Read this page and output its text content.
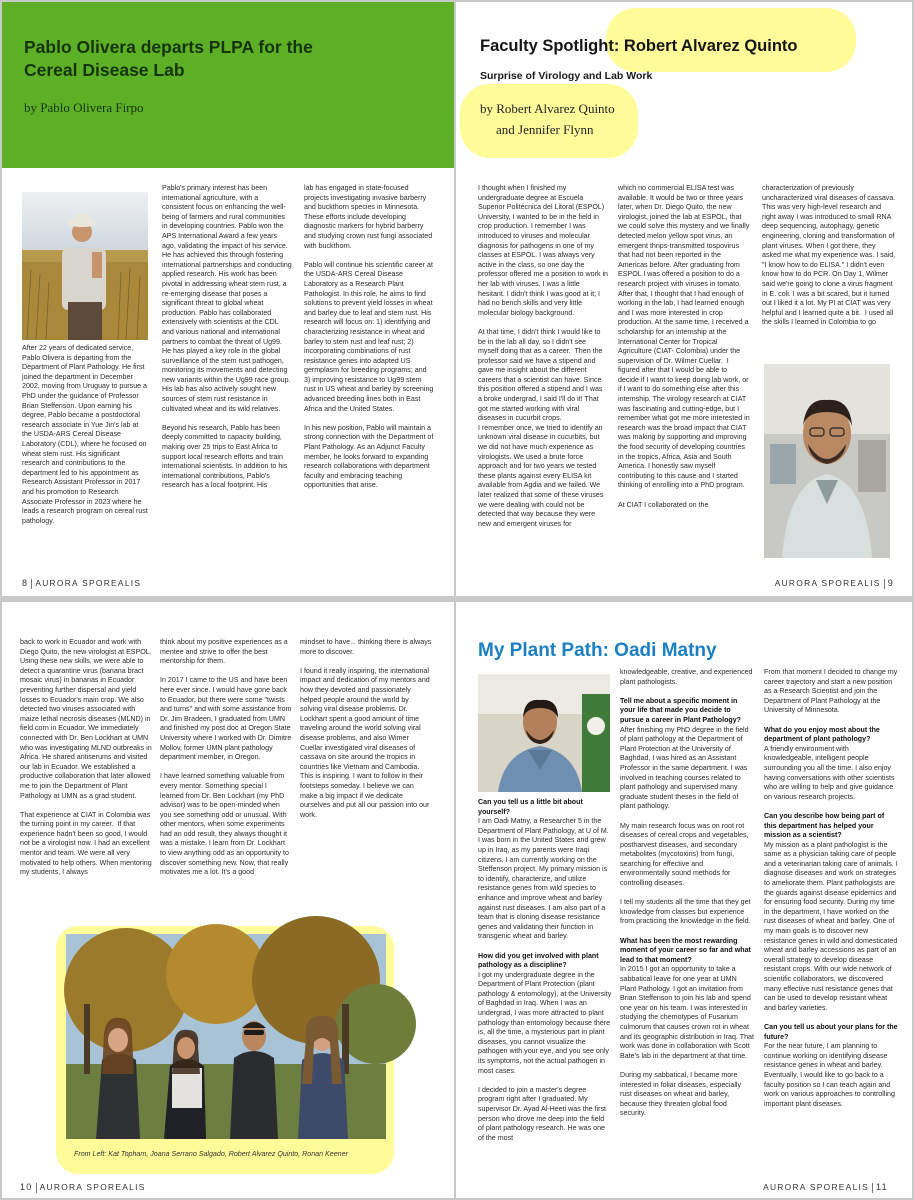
Pablo Olivera departs PLPA for the Cereal Disease Lab
by Pablo Olivera Firpo
After 22 years of dedicated service, Pablo Olivera is departing from the Department of Plant Pathology. He first joined the department in December 2002, moving from Uruguay to pursue a PhD under the guidance of Professor Brian Steffenson. Upon earning his degree, Pablo became a postdoctoral research associate in Yue Jin's lab at the USDA-ARS Cereal Disease Laboratory (CDL), where he focused on wheat stem rust. His significant research and contributions to the department led to his appointment as Research Assistant Professor in 2017 and his promotion to Research Associate Professor in 2023 where he leads a research program on cereal rust pathology.
Pablo's primary interest has been international agriculture, with a consistent focus on enhancing the well-being of farmers and rural communities in developing countries. Pablo won the APS International Award a few years ago, validating the impact of his service. He has achieved this through fostering international partnerships and conducting applied research. His work has been pivotal in addressing wheat stem rust, a re-emerging disease that poses a significant threat to global wheat production. Pablo has collaborated extensively with scientists at the CDL and various national and international partners to combat the threat of Ug99. He has played a key role in the global surveillance of the stem rust pathogen, monitoring its movements and detecting new variants within the Ug99 race group. His lab has also actively sought new sources of stem rust resistance in cultivated wheat and its wild relatives.

Beyond his research, Pablo has been deeply committed to capacity building, making over 25 trips to East Africa to support local research efforts and train international scientists. In addition to his international contributions, Pablo's research has a local footprint. His
lab has engaged in state-focused projects investigating invasive barberry and buckthorn species in Minnesota. These efforts include developing diagnostic markers for hybrid barberry and studying crown rust fungi associated with buckthorn.

Pablo will continue his scientific career at the USDA-ARS Cereal Disease Laboratory as a Research Plant Pathologist. In this role, he aims to find solutions to prevent yield losses in wheat and barley due to leaf and stem rust. His research will focus on: 1) identifying and characterizing resistance in wheat and barley to stem rust and leaf rust; 2) incorporating combinations of rust resistance genes into adapted US germplasm for breeding programs; and 3) improving resistance to Ug99 stem rust in US wheat and barley by screening advanced breeding lines both in East Africa and the United States.

In his new position, Pablo will maintain a strong connection with the Department of Plant Pathology. As an Adjunct Faculty member, he looks forward to expanding research collaborations with department faculty and embracing teaching opportunities that arise.
8 AURORA SPOREALIS
Faculty Spotlight: Robert Alvarez Quinto
Surprise of Virology and Lab Work
by Robert Alvarez Quinto
and Jennifer Flynn
I thought when I finished my undergraduate degree at Escuela Superior Politécnica del Litoral (ESPOL) University, I wanted to be in the field in crop production. I remember I was introduced to viruses and molecular diagnosis for pathogens in one of my classes at ESPOL. I was always very active in the class, so one day the professor offered me a position to work in her lab with viruses. I was a little hesitant. I didn't think I was good at it; I had no bench skills and very little molecular biology background.

At that time, I didn't think I would like to be in the lab all day, so I didn't see myself doing that as a career.  Then the professor said we have a stipend and gave me insight about the different careers that a scientist can have. Since this position offered a stipend and I was a broke undergrad, I said I'll do it! That got me started working with viral diseases in cucurbit crops.
I remember once, we tried to identify an unknown viral disease in cucurbits, but we did not have much experience as virologists. We used a brute force approach and for two years we tested these plants against every ELISA kit available from Agdia and we failed. We later realized that some of these viruses we were dealing with could not be detected that way because they were new and emergent viruses for
which no commercial ELISA test was available. It would be two or three years later, when Dr. Diego Quito, the new virologist, joined the lab at ESPOL, that we could solve this mystery and we finally detected melon yellow spot virus, an emergent thrips-transmitted tospovirus that had not been reported in the Americas before. After graduating from ESPOL I was offered a position to do a research project with viruses in tomato. After that, I thought that I had enough of working in the lab, I had learned enough and I was more interested in crop production. At the same time, I received a scholarship for an internship at the International Center for Tropical Agriculture (CIAT- Colombia) under the supervision of Dr. Wilmer Cuellar.  I figured after that I would be able to decide if I want to keep doing lab work, or if I want to do something else after this internship. The virology research at CIAT was fascinating and cutting-edge, but I remember what got me more interested in research was the broad impact that CIAT was making by supporting and improving the food security of developing countries in the tropics, Africa, Asia and South America. I honestly saw myself contributing to this cause and I started thinking of enrolling into a PhD program.

At CIAT I collaborated on the
characterization of previously uncharacterized viral diseases of cassava. This was very high-level research and right away I was introduced to small RNA deep sequencing, autophagy, genetic engineering, cloning and transformation of plant viruses. When I got there, they asked me what my experience was. I said, "I know how to do ELISA." I didn't even know how to do PCR. On Day 1, Wilmer said we're going to clone a virus fragment in E. coli. I was a bit scared, but it turned out I liked it a lot. My PI at CIAT was very helpful and I learned quite a bit.  I used all the skills I learned in Colombia to go
AURORA SPOREALIS 9
back to work in Ecuador and work with Diego Quito, the new virologist at ESPOL. Using these new skills, we were able to detect a quarantine virus (banana bract mosaic virus) in bananas in Ecuador preventing further dispersal and yield losses to Ecuador's main crop. We also detected two viruses associated with maize lethal necrosis diseases (MLND) in field corn in Ecuador. We immediately connected with Dr. Ben Lockhart at UMN who was investigating MLND outbreaks in Africa. He shared antiserums and visited our lab in Ecuador. We established a productive collaboration that later allowed me to join the Department of Plant Pathology at UMN as a grad student.

That experience at CIAT in Colombia was the turning point in my career.  If that experience hadn't been so good, I would not be a virologist now. I had an excellent mentor and team. We were all very motivated to help others. When mentoring my students, I always
think about my positive experiences as a mentee and strive to offer the best mentorship for them.

In 2017 I came to the US and have been here ever since. I would have gone back to Ecuador, but there were some "twists and turns" and with some assistance from Dr. Jim Bradeen, I graduated from UMN and finished my post doc at Oregon State University where I worked with Dr. Dimitre Mollov, former UMN plant pathology department member, in Oregon.

I have learned something valuable from every mentor. Something special I learned from Dr. Ben Lockhart (my PhD advisor) was to be open-minded when you see something odd or unusual. With other mentors, when some experiments had an odd result, they always thought it was a mistake. I learn from Dr. Lockhart to view anything odd as an opportunity to discover something new. Now, that really motivates me a lot. It's a good
mindset to have... thinking there is always more to discover.

I found it really inspiring, the international impact and dedication of my mentors and how they devoted and passionately helped people around the world by solving viral disease problems. Dr. Lockhart spent a good amount of time traveling around the world solving viral disease problems, and also Wimer Cuellar investigated viral diseases of cassava on site around the tropics in countries like Vietnam and Cambodia. This is inspiring. I want to follow in their footsteps someday. I believe we can make a big impact if we dedicate ourselves and put all our passion into our work.
From Left: Kat Topham, Joana Serrano Salgado, Robert Alvarez Quinto, Ronan Keener
10 AURORA SPOREALIS
My Plant Path: Oadi Matny
Can you tell us a little bit about yourself?
I am Oadi Matny, a Researcher 5 in the Department of Plant Pathology, at U of M. I was born in the United States and grew up in Iraq, as my parents were Iraqi citizens. I am currently working on the Steffenson project. My primary mission is to identify, characterize, and utilize resistance genes from wild species to enhance and improve wheat and barley against rust diseases. I am also part of a team that is cloning disease resistance genes and validating their function in transgenic wheat and barley.

How did you get involved with plant pathology as a discipline?
I got my undergraduate degree in the Department of Plant Protection (plant pathology & entomology), at the University of Baghdad in Iraq. When I was an undergrad, I was more attracted to plant pathology than entomology because there is, all the time, a mysterious part in plant diseases, you cannot visualize the pathogen with your eye, and you see only its symptoms, not the actual pathogen in most cases.

I decided to join a master's degree program right after I graduated. My supervisor Dr. Ayad Al-Heeti was the first person who drove me deep into the field of plant pathology research. He was one of the most
knowledgeable, creative, and experienced plant pathologists.

Tell me about a specific moment in your life that made you decide to pursue a career in Plant Pathology?
After finishing my PhD degree in the field of plant pathology at the Department of Plant Protection at the University of Baghdad, I was hired as an Assistant Professor in the same department. I was involved in teaching courses related to plant pathology and supervised many graduate student theses in the field of plant pathology.

My main research focus was on root rot diseases of cereal crops and vegetables, postharvest diseases, and secondary metabolites (mycotoxins) from fungi, searching for effective and environmentally sound methods for controlling diseases.

I tell my students all the time that they get knowledge from classes but experience from practicing the knowledge in the field.

What has been the most rewarding moment of your career so far and what lead to that moment?
In 2015 I got an opportunity to take a sabbatical leave for one year at UMN Plant Pathology. I got an invitation from Brian Steffenson to join his lab and spend one year on his team. I was interested in studying the chemotypes of Fusarium culmorum that causes crown rot in wheat and its geographic distribution in Iraq. That work was done in collaboration with Scott Bate's lab in the department at that time.

During my sabbatical, I became more interested in foliar diseases, especially rust diseases on wheat and barley, because they threaten global food security.
From that moment I decided to change my career trajectory and start a new position as a Research Scientist and join the Department of Plant Pathology at the University of Minnesota.

What do you enjoy most about the department of plant pathology?
A friendly environment with knowledgeable, intelligent people surrounding you all the time. I also enjoy having conversations with other scientists who are willing to help and give guidance on various research projects.

Can you describe how being part of this department has helped your mission as a scientist?
My mission as a plant pathologist is the same as a physician taking care of people and a veterinarian taking care of animals. I diagnose diseases and work on strategies to ameliorate them. Plant pathologists are the guards against disease epidemics and for ensuring food security. During my time in the department, I have worked on the rust diseases of wheat and barley. One of my main goals is to discover new resistance genes in wild and domesticated wheat and barley accessions as part of an overall strategy to develop disease resistant crops. With our wide network of scientific collaborators, we discovered many effective rust resistance genes that can be used to develop resistant wheat and barley varieties.

Can you tell us about your plans for the future?
For the near future, I am planning to continue working on identifying disease resistance genes in wheat and barley. Eventually, I would like to go back to a faculty position so I can teach again and work on various approaches to controlling important plant diseases.
AURORA SPOREALIS 11
